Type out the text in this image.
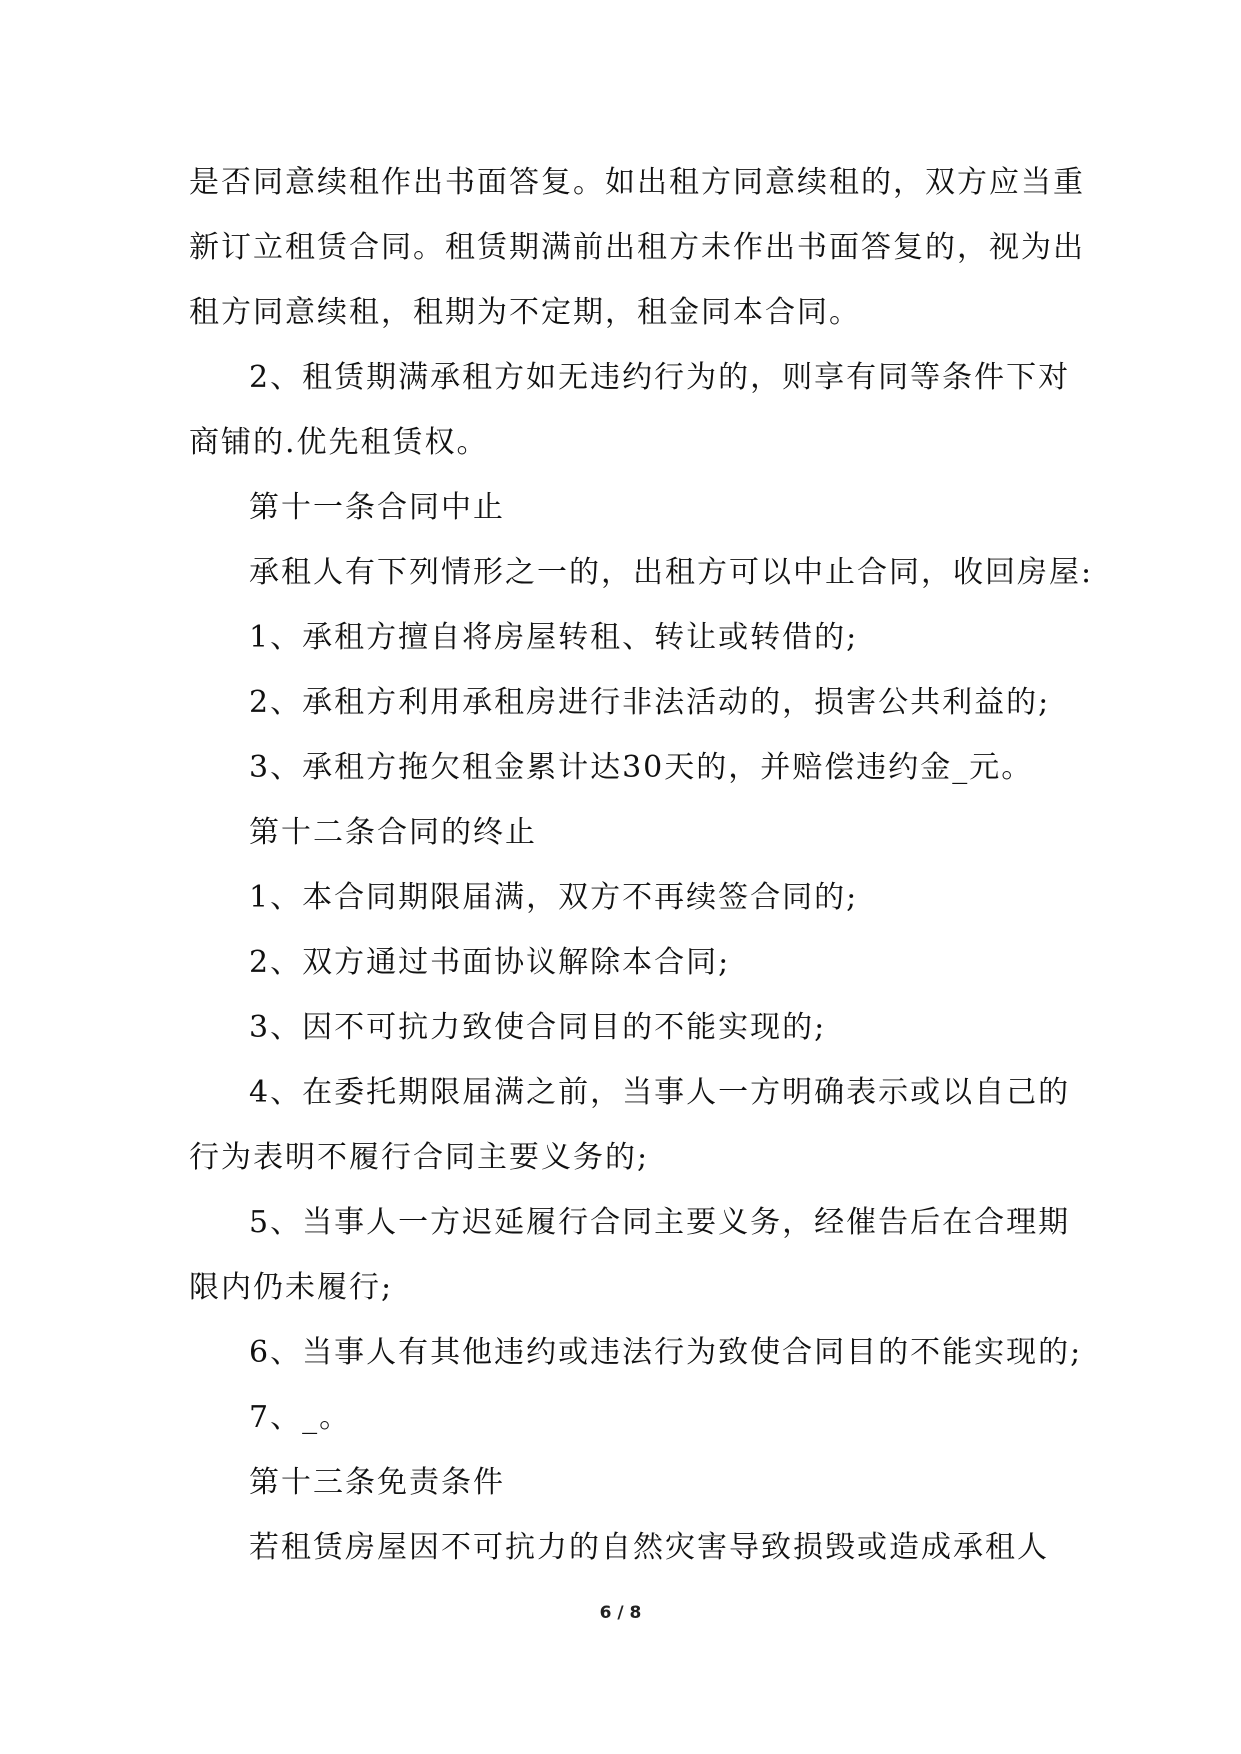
是否同意续租作出书面答复。如出租方同意续租的，双方应当重
新订立租赁合同。租赁期满前出租方未作出书面答复的，视为出
租方同意续租，租期为不定期，租金同本合同。
2、租赁期满承租方如无违约行为的，则享有同等条件下对
商铺的.优先租赁权。
第十一条合同中止
承租人有下列情形之一的，出租方可以中止合同，收回房屋:
1、承租方擅自将房屋转租、转让或转借的;
2、承租方利用承租房进行非法活动的，损害公共利益的;
3、承租方拖欠租金累计达30天的，并赔偿违约金_元。
第十二条合同的终止
1、本合同期限届满，双方不再续签合同的;
2、双方通过书面协议解除本合同;
3、因不可抗力致使合同目的不能实现的;
4、在委托期限届满之前，当事人一方明确表示或以自己的
行为表明不履行合同主要义务的;
5、当事人一方迟延履行合同主要义务，经催告后在合理期
限内仍未履行;
6、当事人有其他违约或违法行为致使合同目的不能实现的;
7、_。
第十三条免责条件
若租赁房屋因不可抗力的自然灾害导致损毁或造成承租人
6 / 8
